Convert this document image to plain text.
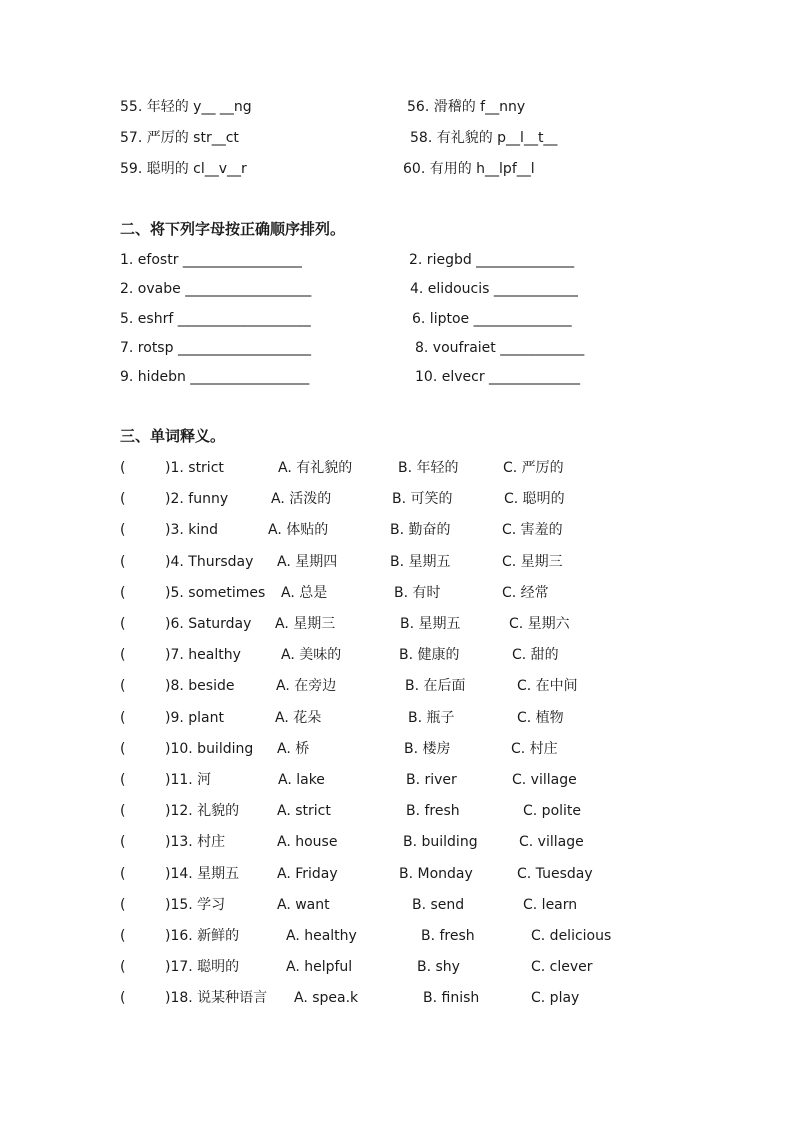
55. 年轻的 y__ __ng	56. 滑稽的 f__nny
57. 严厉的 str__ct	58. 有礼貌的 p__l__t__
59. 聪明的 cl__v__r	60. 有用的 h__lpf__l
二、将下列字母按正确顺序排列。
1. efostr _________________	2. riegbd ______________
2. ovabe __________________	4. elidoucis ____________
5. eshrf ___________________	6. liptoe ______________
7. rotsp ___________________	8. voufraiet ____________
9. hidebn _________________	10. elvecr _____________
三、单词释义。
(	)1. strict	A. 有礼貌的	B. 年轻的	C. 严厉的
(	)2. funny	A. 活泼的	B. 可笑的	C. 聪明的
(	)3. kind	A. 体贴的	B. 勤奋的	C. 害羞的
(	)4. Thursday A. 星期四	B. 星期五	C. 星期三
(	)5. sometimes A. 总是	B. 有时	C. 经常
(	)6. Saturday A. 星期三	B. 星期五	C. 星期六
(	)7. healthy	A. 美味的	B. 健康的	C. 甜的
(	)8. beside	A. 在旁边	B. 在后面	C. 在中间
(	)9. plant	A. 花朵	B. 瓶子	C. 植物
(	)10. building A. 桥	B. 楼房	C. 村庄
(	)11. 河	A. lake	B. river	C. village
(	)12. 礼貌的	A. strict	B. fresh	C. polite
(	)13. 村庄	A. house	B. building	C. village
(	)14. 星期五	A. Friday	B. Monday	C. Tuesday
(	)15. 学习	A. want	B. send	C. learn
(	)16. 新鲜的	A. healthy	B. fresh	C. delicious
(	)17. 聪明的	A. helpful	B. shy	C. clever
(	)18. 说某种语言 A. spea.k	B. finish	C. play
